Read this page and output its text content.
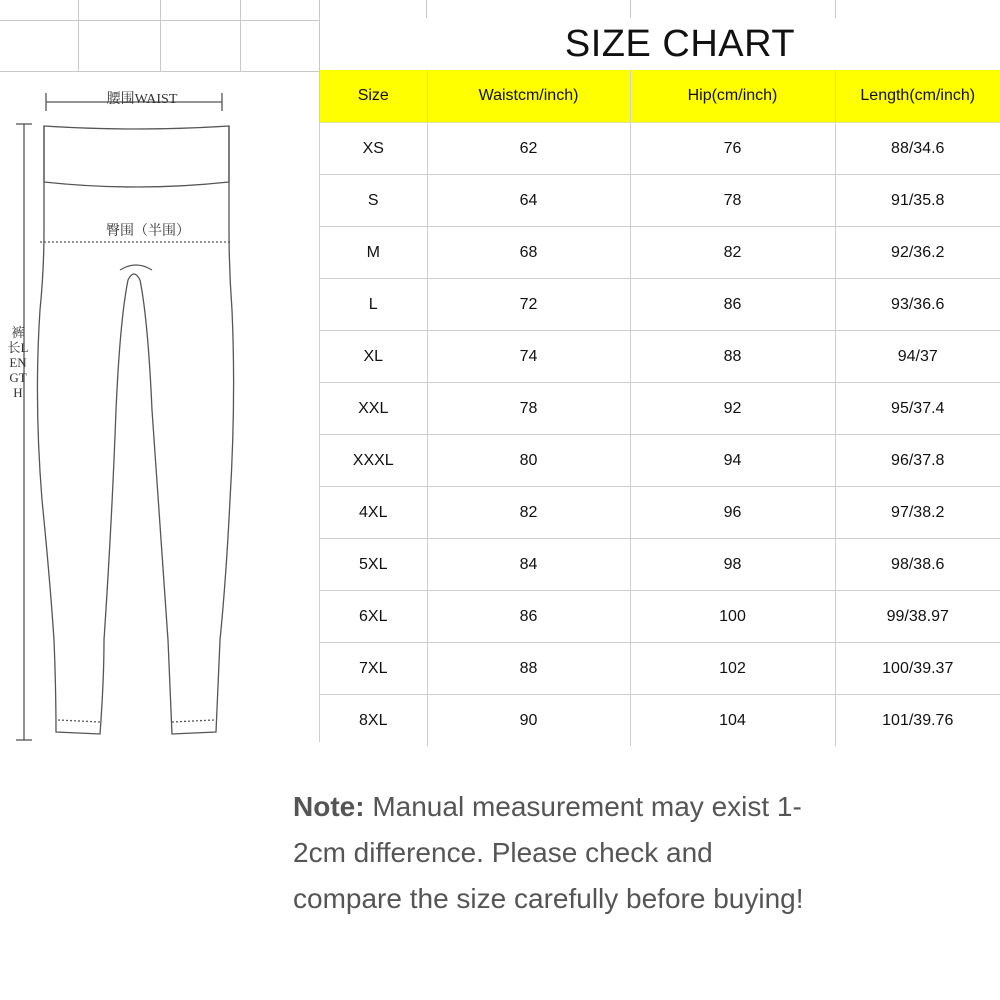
SIZE CHART
Size	Waistcm/inch)	Hip(cm/inch)	Length(cm/inch)
XS	62	76	88/34.6
S	64	78	91/35.8
M	68	82	92/36.2
L	72	86	93/36.6
XL	74	88	94/37
XXL	78	92	95/37.4
XXXL	80	94	96/37.8
4XL	82	96	97/38.2
5XL	84	98	98/38.6
6XL	86	100	99/38.97
7XL	88	102	100/39.37
8XL	90	104	101/39.76
腰围WAIST
臀围（半围）
裤长LENGTH
Note: Manual measurement may exist 1-2cm difference. Please check and compare the size carefully before buying!
